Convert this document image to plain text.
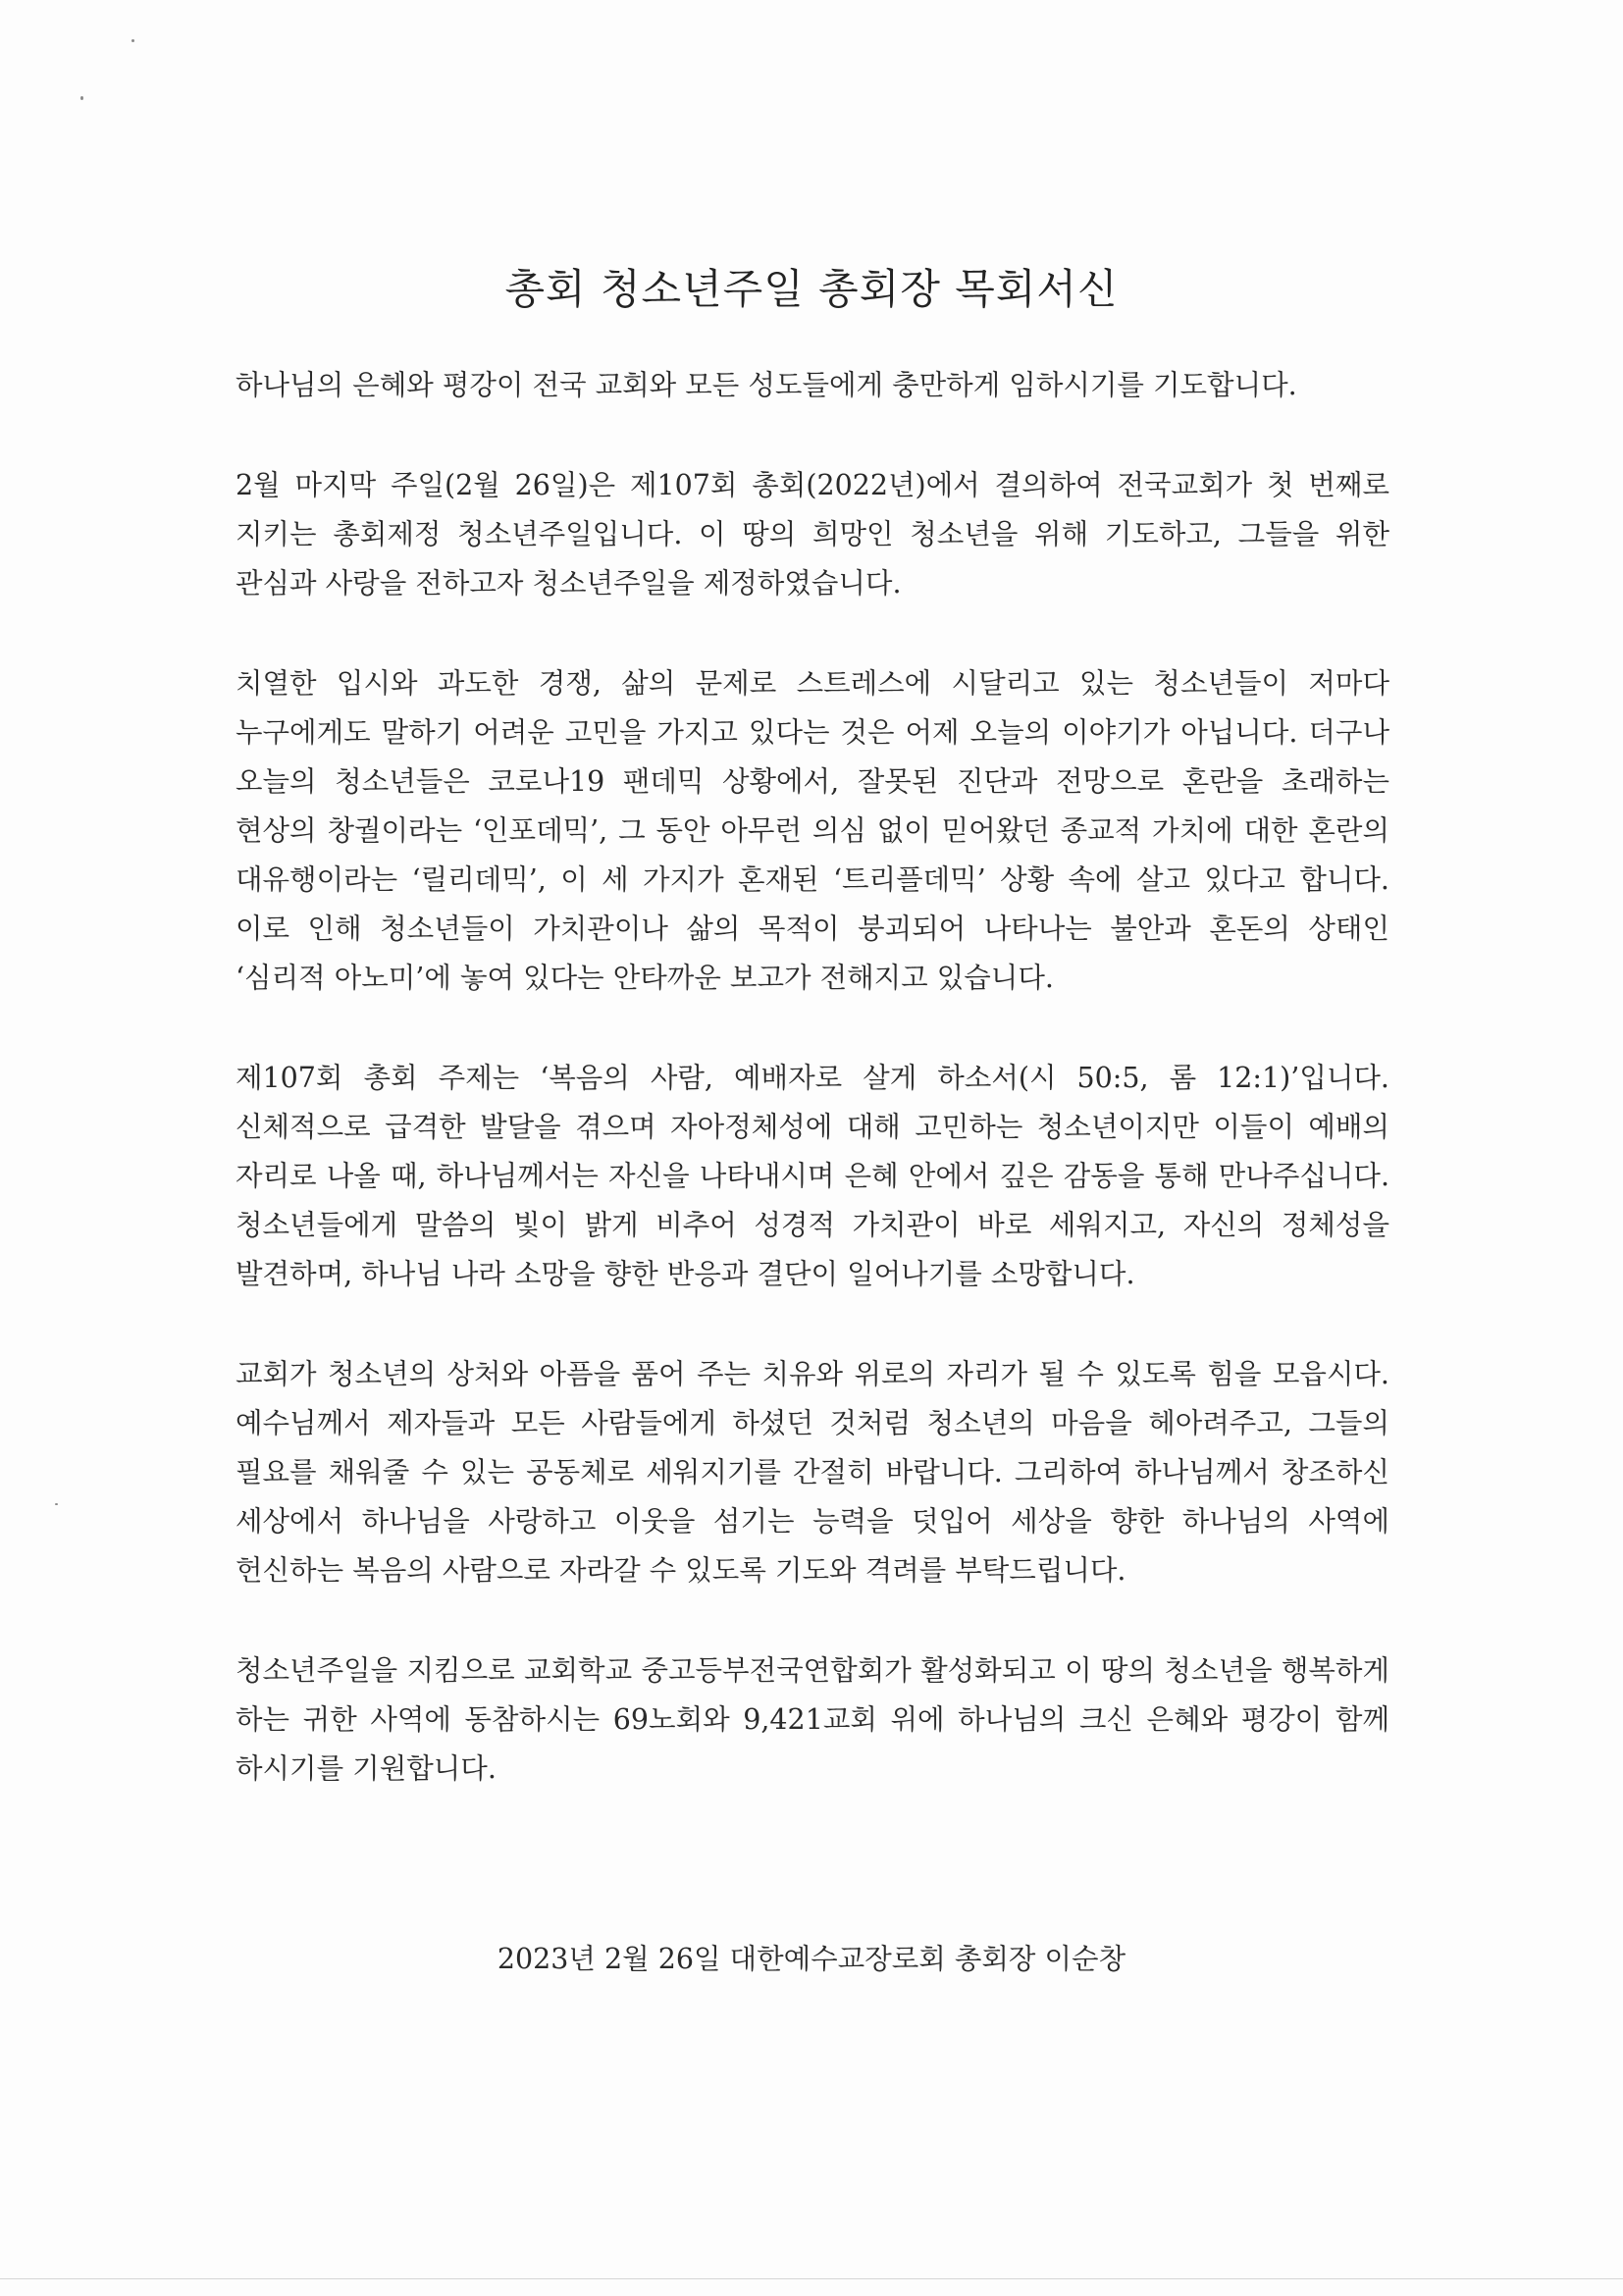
총회 청소년주일 총회장 목회서신

하나님의 은혜와 평강이 전국 교회와 모든 성도들에게 충만하게 임하시기를 기도합니다.

2월 마지막 주일(2월 26일)은 제107회 총회(2022년)에서 결의하여 전국교회가 첫 번째로 지키는 총회제정 청소년주일입니다. 이 땅의 희망인 청소년을 위해 기도하고, 그들을 위한 관심과 사랑을 전하고자 청소년주일을 제정하였습니다.

치열한 입시와 과도한 경쟁, 삶의 문제로 스트레스에 시달리고 있는 청소년들이 저마다 누구에게도 말하기 어려운 고민을 가지고 있다는 것은 어제 오늘의 이야기가 아닙니다. 더구나 오늘의 청소년들은 코로나19 팬데믹 상황에서, 잘못된 진단과 전망으로 혼란을 초래하는 현상의 창궐이라는 ‘인포데믹’, 그 동안 아무런 의심 없이 믿어왔던 종교적 가치에 대한 혼란의 대유행이라는 ‘릴리데믹’, 이 세 가지가 혼재된 ‘트리플데믹’ 상황 속에 살고 있다고 합니다. 이로 인해 청소년들이 가치관이나 삶의 목적이 붕괴되어 나타나는 불안과 혼돈의 상태인 ‘심리적 아노미’에 놓여 있다는 안타까운 보고가 전해지고 있습니다.

제107회 총회 주제는 ‘복음의 사람, 예배자로 살게 하소서(시 50:5, 롬 12:1)’입니다. 신체적으로 급격한 발달을 겪으며 자아정체성에 대해 고민하는 청소년이지만 이들이 예배의 자리로 나올 때, 하나님께서는 자신을 나타내시며 은혜 안에서 깊은 감동을 통해 만나주십니다. 청소년들에게 말씀의 빛이 밝게 비추어 성경적 가치관이 바로 세워지고, 자신의 정체성을 발견하며, 하나님 나라 소망을 향한 반응과 결단이 일어나기를 소망합니다.

교회가 청소년의 상처와 아픔을 품어 주는 치유와 위로의 자리가 될 수 있도록 힘을 모읍시다. 예수님께서 제자들과 모든 사람들에게 하셨던 것처럼 청소년의 마음을 헤아려주고, 그들의 필요를 채워줄 수 있는 공동체로 세워지기를 간절히 바랍니다. 그리하여 하나님께서 창조하신 세상에서 하나님을 사랑하고 이웃을 섬기는 능력을 덧입어 세상을 향한 하나님의 사역에 헌신하는 복음의 사람으로 자라갈 수 있도록 기도와 격려를 부탁드립니다.

청소년주일을 지킴으로 교회학교 중고등부전국연합회가 활성화되고 이 땅의 청소년을 행복하게 하는 귀한 사역에 동참하시는 69노회와 9,421교회 위에 하나님의 크신 은혜와 평강이 함께 하시기를 기원합니다.

2023년 2월 26일 대한예수교장로회 총회장 이순창
